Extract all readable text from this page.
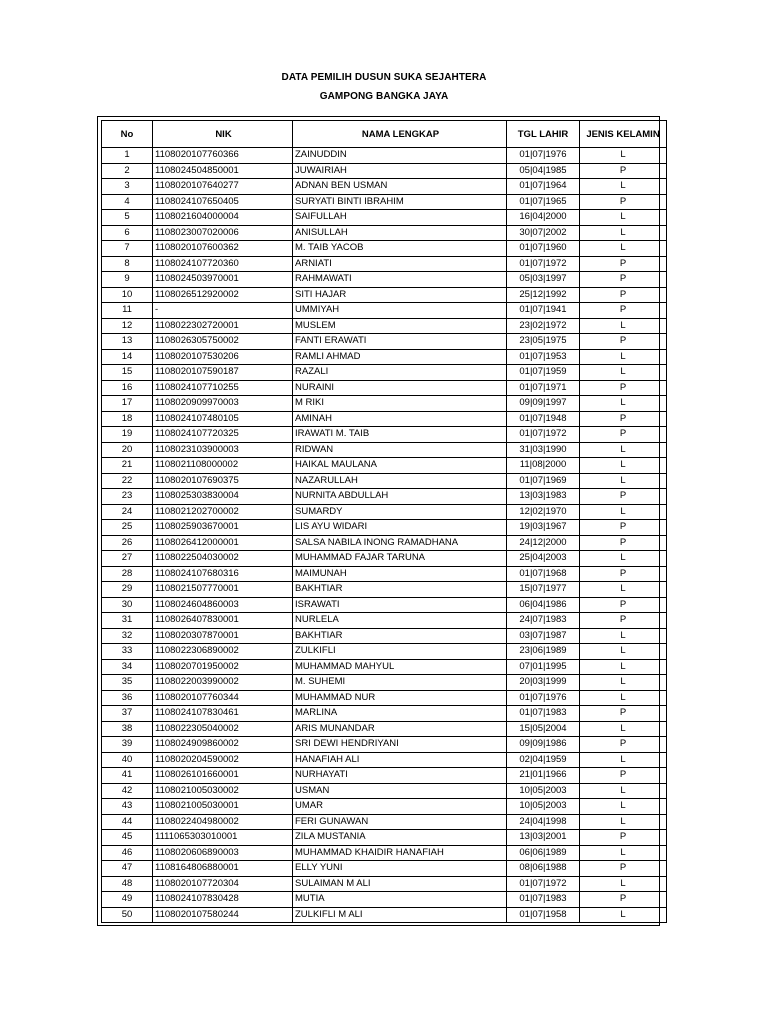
DATA PEMILIH DUSUN SUKA SEJAHTERA
GAMPONG BANGKA JAYA
No	NIK	NAMA LENGKAP	TGL LAHIR	JENIS KELAMIN
1	1108020107760366	ZAINUDDIN	01|07|1976	L
2	1108024504850001	JUWAIRIAH	05|04|1985	P
3	1108020107640277	ADNAN BEN USMAN	01|07|1964	L
4	1108024107650405	SURYATI BINTI IBRAHIM	01|07|1965	P
5	1108021604000004	SAIFULLAH	16|04|2000	L
6	1108023007020006	ANISULLAH	30|07|2002	L
7	1108020107600362	M. TAIB YACOB	01|07|1960	L
8	1108024107720360	ARNIATI	01|07|1972	P
9	1108024503970001	RAHMAWATI	05|03|1997	P
10	1108026512920002	SITI HAJAR	25|12|1992	P
11	-	UMMIYAH	01|07|1941	P
12	1108022302720001	MUSLEM	23|02|1972	L
13	1108026305750002	FANTI ERAWATI	23|05|1975	P
14	1108020107530206	RAMLI AHMAD	01|07|1953	L
15	1108020107590187	RAZALI	01|07|1959	L
16	1108024107710255	NURAINI	01|07|1971	P
17	1108020909970003	M RIKI	09|09|1997	L
18	1108024107480105	AMINAH	01|07|1948	P
19	1108024107720325	IRAWATI M. TAIB	01|07|1972	P
20	1108023103900003	RIDWAN	31|03|1990	L
21	1108021108000002	HAIKAL MAULANA	11|08|2000	L
22	1108020107690375	NAZARULLAH	01|07|1969	L
23	1108025303830004	NURNITA ABDULLAH	13|03|1983	P
24	1108021202700002	SUMARDY	12|02|1970	L
25	1108025903670001	LIS AYU WIDARI	19|03|1967	P
26	1108026412000001	SALSA NABILA INONG RAMADHANA	24|12|2000	P
27	1108022504030002	MUHAMMAD FAJAR TARUNA	25|04|2003	L
28	1108024107680316	MAIMUNAH	01|07|1968	P
29	1108021507770001	BAKHTIAR	15|07|1977	L
30	1108024604860003	ISRAWATI	06|04|1986	P
31	1108026407830001	NURLELA	24|07|1983	P
32	1108020307870001	BAKHTIAR	03|07|1987	L
33	1108022306890002	ZULKIFLI	23|06|1989	L
34	1108020701950002	MUHAMMAD MAHYUL	07|01|1995	L
35	1108022003990002	M. SUHEMI	20|03|1999	L
36	1108020107760344	MUHAMMAD NUR	01|07|1976	L
37	1108024107830461	MARLINA	01|07|1983	P
38	1108022305040002	ARIS MUNANDAR	15|05|2004	L
39	1108024909860002	SRI DEWI HENDRIYANI	09|09|1986	P
40	1108020204590002	HANAFIAH ALI	02|04|1959	L
41	1108026101660001	NURHAYATI	21|01|1966	P
42	1108021005030002	USMAN	10|05|2003	L
43	1108021005030001	UMAR	10|05|2003	L
44	1108022404980002	FERI GUNAWAN	24|04|1998	L
45	1111065303010001	ZILA MUSTANIA	13|03|2001	P
46	1108020606890003	MUHAMMAD KHAIDIR HANAFIAH	06|06|1989	L
47	1108164806880001	ELLY YUNI	08|06|1988	P
48	1108020107720304	SULAIMAN M ALI	01|07|1972	L
49	1108024107830428	MUTIA	01|07|1983	P
50	1108020107580244	ZULKIFLI M ALI	01|07|1958	L
